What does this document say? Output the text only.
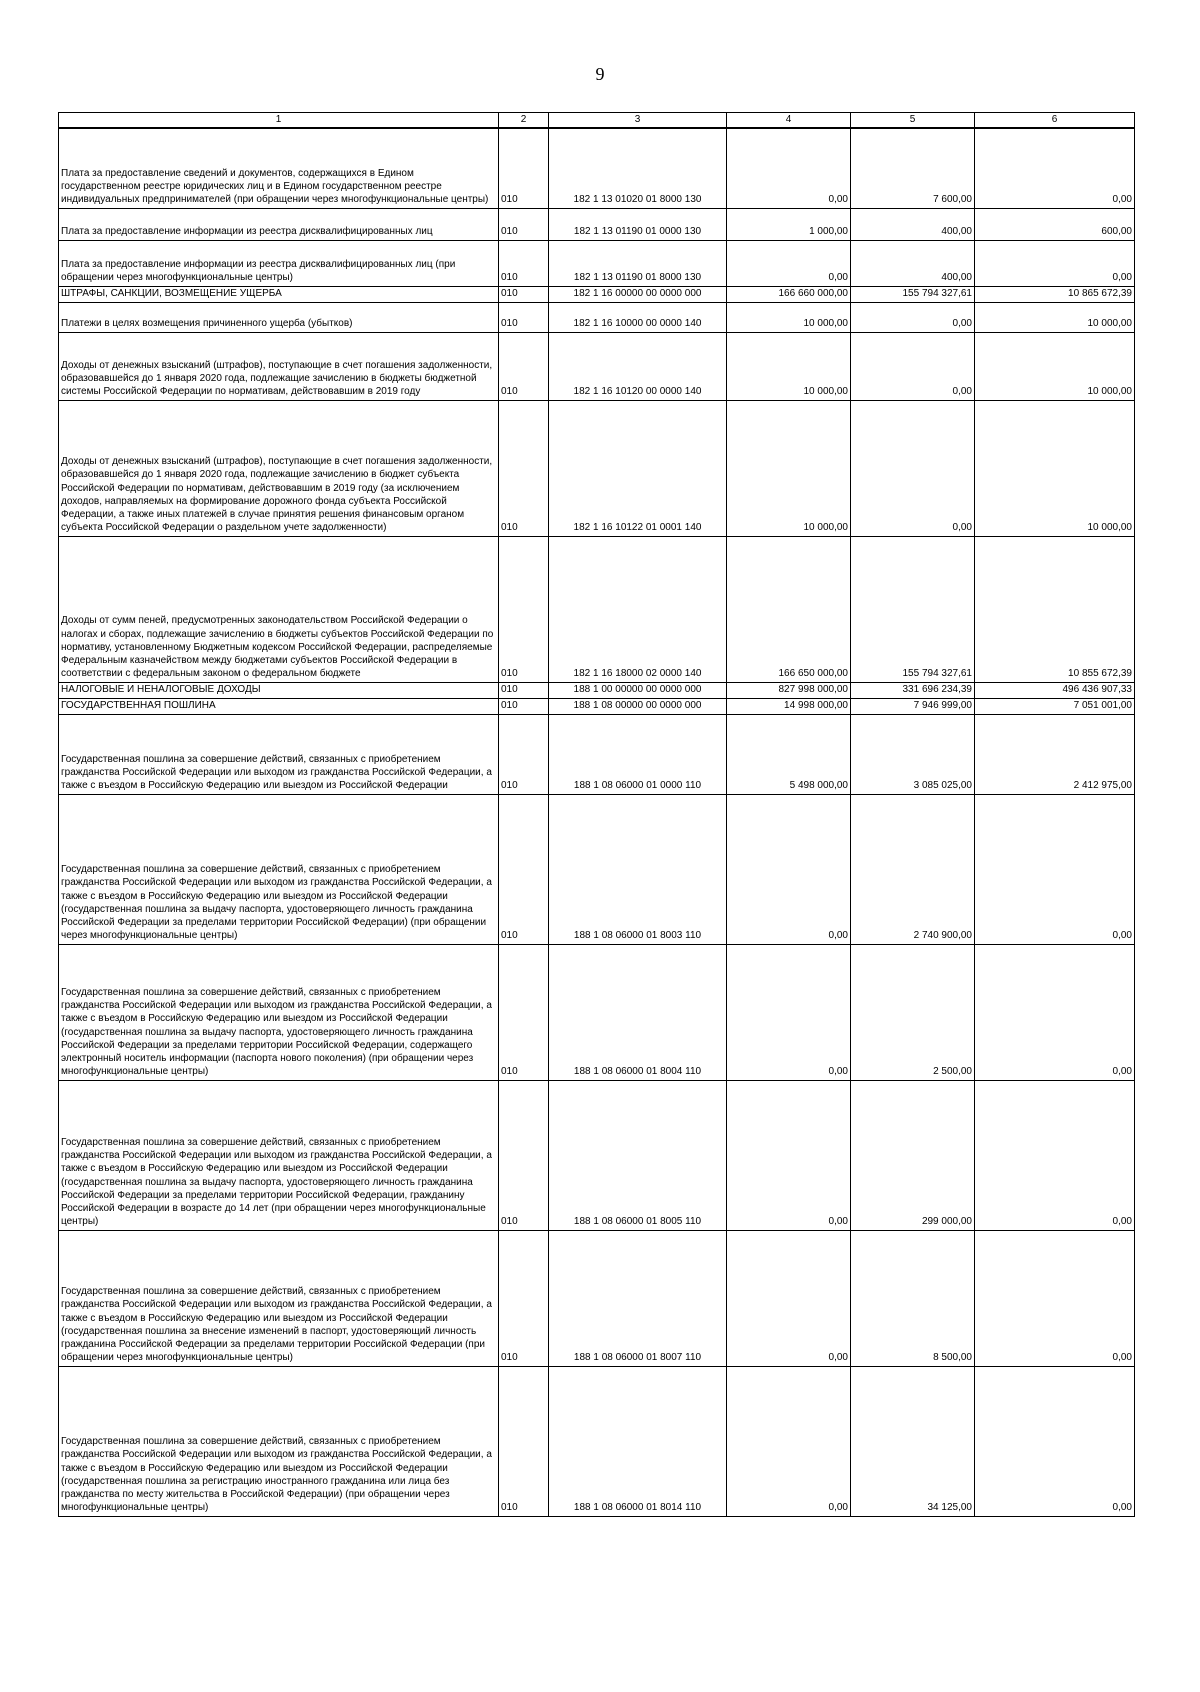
9
1	2	3	4	5	6
Плата за предоставление сведений и документов, содержащихся в Едином государственном реестре юридических лиц и в Едином государственном реестре индивидуальных предпринимателей (при обращении через многофункциональные центры)	010	182 1 13 01020 01 8000 130	0,00	7 600,00	0,00
Плата за предоставление информации из реестра дисквалифицированных лиц	010	182 1 13 01190 01 0000 130	1 000,00	400,00	600,00
Плата за предоставление информации из реестра дисквалифицированных лиц (при обращении через многофункциональные центры)	010	182 1 13 01190 01 8000 130	0,00	400,00	0,00
ШТРАФЫ, САНКЦИИ, ВОЗМЕЩЕНИЕ УЩЕРБА	010	182 1 16 00000 00 0000 000	166 660 000,00	155 794 327,61	10 865 672,39
Платежи в целях возмещения причиненного ущерба (убытков)	010	182 1 16 10000 00 0000 140	10 000,00	0,00	10 000,00
Доходы от денежных взысканий (штрафов), поступающие в счет погашения задолженности, образовавшейся до 1 января 2020 года, подлежащие зачислению в бюджеты бюджетной системы Российской Федерации по нормативам, действовавшим в 2019 году	010	182 1 16 10120 00 0000 140	10 000,00	0,00	10 000,00
Доходы от денежных взысканий (штрафов), поступающие в счет погашения задолженности, образовавшейся до 1 января 2020 года, подлежащие зачислению в бюджет субъекта Российской Федерации по нормативам, действовавшим в 2019 году (за исключением доходов, направляемых на формирование дорожного фонда субъекта Российской Федерации, а также иных платежей в случае принятия решения финансовым органом субъекта Российской Федерации о раздельном учете задолженности)	010	182 1 16 10122 01 0001 140	10 000,00	0,00	10 000,00
Доходы от сумм пеней, предусмотренных законодательством Российской Федерации о налогах и сборах, подлежащие зачислению в бюджеты субъектов Российской Федерации по нормативу, установленному Бюджетным кодексом Российской Федерации, распределяемые Федеральным казначейством между бюджетами субъектов Российской Федерации в соответствии с федеральным законом о федеральном бюджете	010	182 1 16 18000 02 0000 140	166 650 000,00	155 794 327,61	10 855 672,39
НАЛОГОВЫЕ И НЕНАЛОГОВЫЕ ДОХОДЫ	010	188 1 00 00000 00 0000 000	827 998 000,00	331 696 234,39	496 436 907,33
ГОСУДАРСТВЕННАЯ ПОШЛИНА	010	188 1 08 00000 00 0000 000	14 998 000,00	7 946 999,00	7 051 001,00
Государственная пошлина за совершение действий, связанных с приобретением гражданства Российской Федерации или выходом из гражданства Российской Федерации, а также с въездом в Российскую Федерацию или выездом из Российской Федерации	010	188 1 08 06000 01 0000 110	5 498 000,00	3 085 025,00	2 412 975,00
Государственная пошлина за совершение действий, связанных с приобретением гражданства Российской Федерации или выходом из гражданства Российской Федерации, а также с въездом в Российскую Федерацию или выездом из Российской Федерации (государственная пошлина за выдачу паспорта, удостоверяющего личность гражданина Российской Федерации за пределами территории Российской Федерации) (при обращении через многофункциональные центры)	010	188 1 08 06000 01 8003 110	0,00	2 740 900,00	0,00
Государственная пошлина за совершение действий, связанных с приобретением гражданства Российской Федерации или выходом из гражданства Российской Федерации, а также с въездом в Российскую Федерацию или выездом из Российской Федерации (государственная пошлина за выдачу паспорта, удостоверяющего личность гражданина Российской Федерации за пределами территории Российской Федерации, содержащего электронный носитель информации (паспорта нового поколения) (при обращении через многофункциональные центры)	010	188 1 08 06000 01 8004 110	0,00	2 500,00	0,00
Государственная пошлина за совершение действий, связанных с приобретением гражданства Российской Федерации или выходом из гражданства Российской Федерации, а также с въездом в Российскую Федерацию или выездом из Российской Федерации (государственная пошлина за выдачу паспорта, удостоверяющего личность гражданина Российской Федерации за пределами территории Российской Федерации, гражданину Российской Федерации в возрасте до 14 лет (при обращении через многофункциональные центры)	010	188 1 08 06000 01 8005 110	0,00	299 000,00	0,00
Государственная пошлина за совершение действий, связанных с приобретением гражданства Российской Федерации или выходом из гражданства Российской Федерации, а также с въездом в Российскую Федерацию или выездом из Российской Федерации (государственная пошлина за внесение изменений в паспорт, удостоверяющий личность гражданина Российской Федерации за пределами территории Российской Федерации (при обращении через многофункциональные центры)	010	188 1 08 06000 01 8007 110	0,00	8 500,00	0,00
Государственная пошлина за совершение действий, связанных с приобретением гражданства Российской Федерации или выходом из гражданства Российской Федерации, а также с въездом в Российскую Федерацию или выездом из Российской Федерации (государственная пошлина за регистрацию иностранного гражданина или лица без гражданства по месту жительства в Российской Федерации) (при обращении через многофункциональные центры)	010	188 1 08 06000 01 8014 110	0,00	34 125,00	0,00
